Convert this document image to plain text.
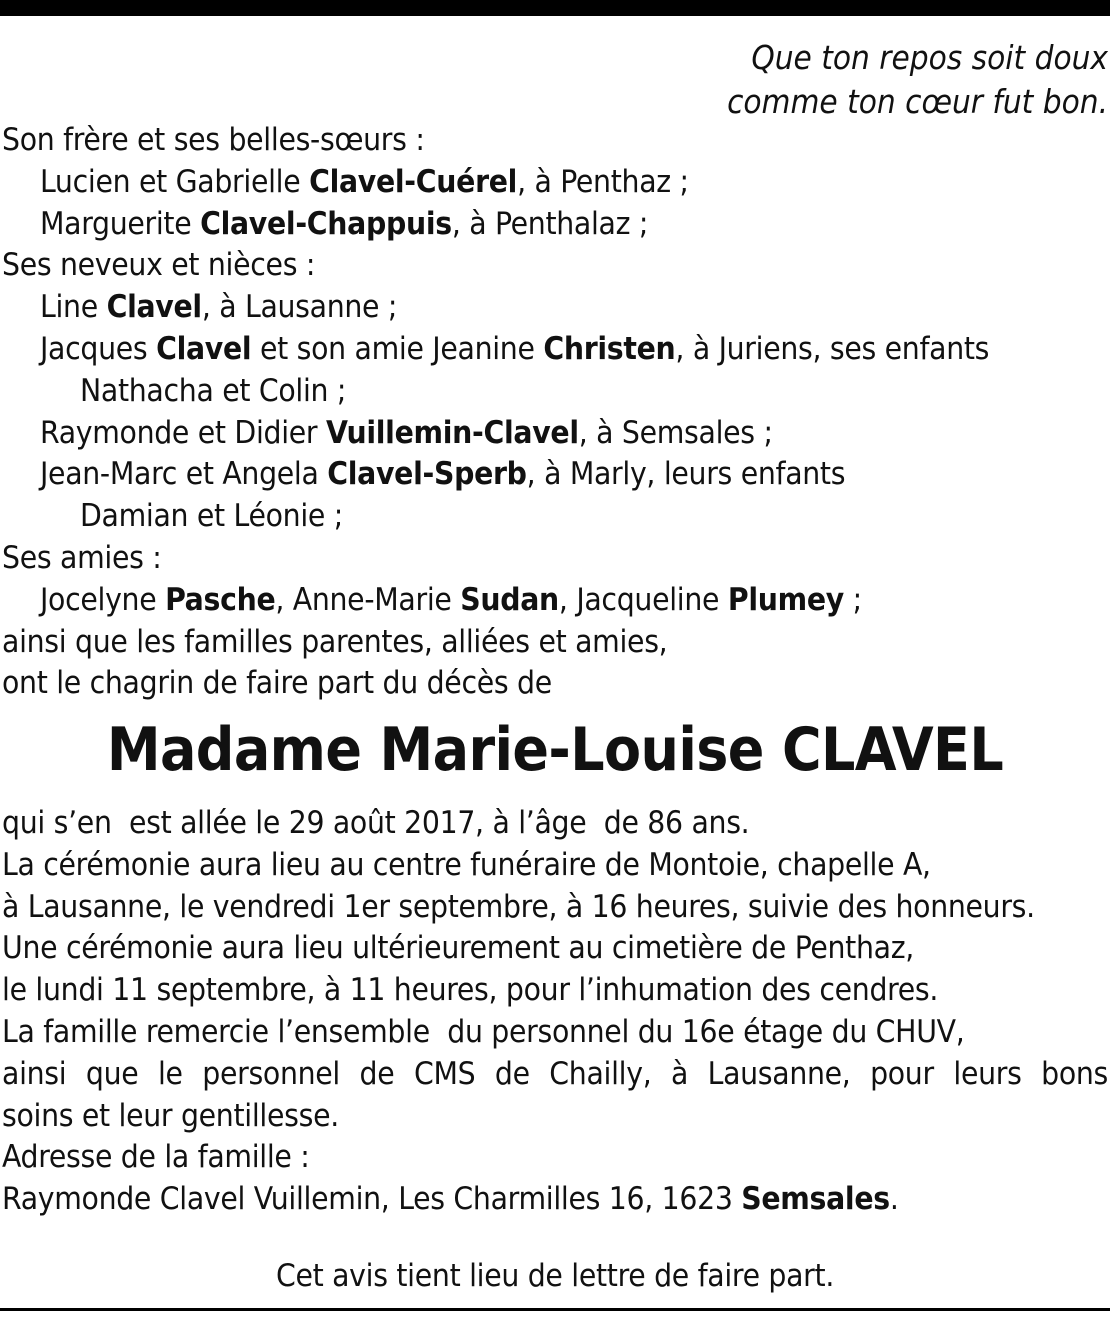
Que ton repos soit doux
comme ton cœur fut bon.
Son frère et ses belles-sœurs :
Lucien et Gabrielle Clavel-Cuérel, à Penthaz ;
Marguerite Clavel-Chappuis, à Penthalaz ;
Ses neveux et nièces :
Line Clavel, à Lausanne ;
Jacques Clavel et son amie Jeanine Christen, à Juriens, ses enfants
Nathacha et Colin ;
Raymonde et Didier Vuillemin-Clavel, à Semsales ;
Jean-Marc et Angela Clavel-Sperb, à Marly, leurs enfants
Damian et Léonie ;
Ses amies :
Jocelyne Pasche, Anne-Marie Sudan, Jacqueline Plumey ;
ainsi que les familles parentes, alliées et amies,
ont le chagrin de faire part du décès de
Madame Marie-Louise CLAVEL
qui s’en  est allée le 29 août 2017, à l’âge  de 86 ans.
La cérémonie aura lieu au centre funéraire de Montoie, chapelle A,
à Lausanne, le vendredi 1er septembre, à 16 heures, suivie des honneurs.
Une cérémonie aura lieu ultérieurement au cimetière de Penthaz,
le lundi 11 septembre, à 11 heures, pour l’inhumation des cendres.
La famille remercie l’ensemble  du personnel du 16e étage du CHUV,
ainsi que le personnel de CMS de Chailly, à Lausanne, pour leurs bons
soins et leur gentillesse.
Adresse de la famille :
Raymonde Clavel Vuillemin, Les Charmilles 16, 1623 Semsales.
Cet avis tient lieu de lettre de faire part.
